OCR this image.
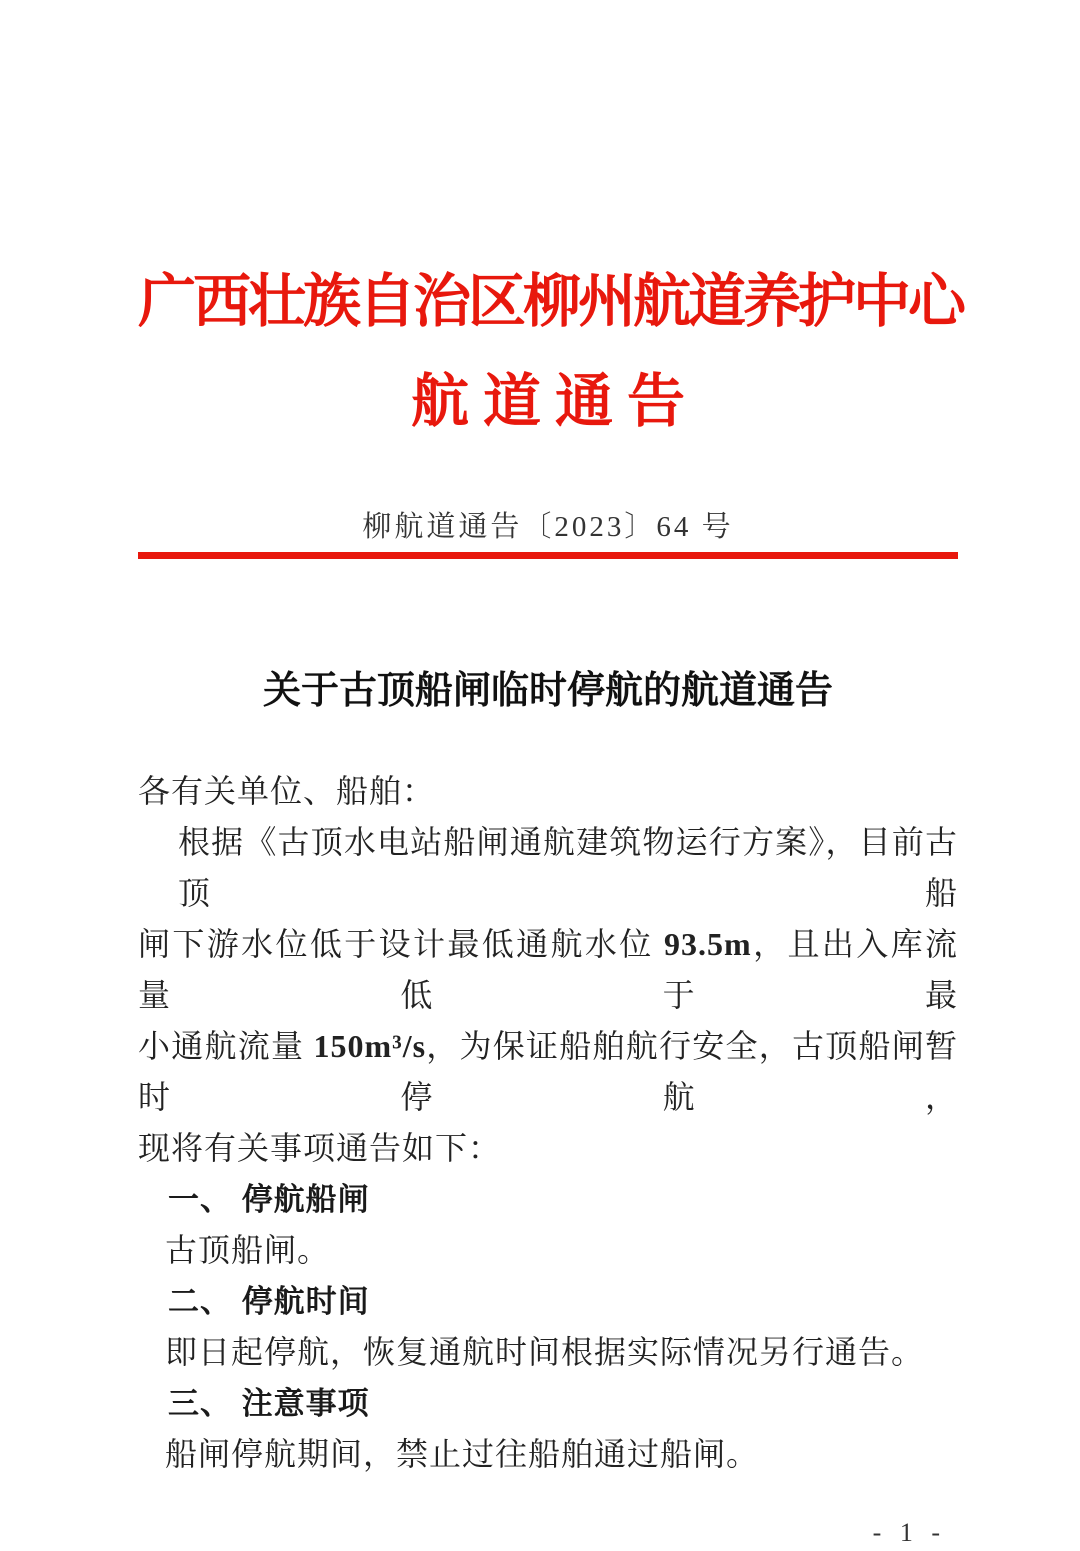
广西壮族自治区柳州航道养护中心
航道通告
柳航道通告〔2023〕64 号
关于古顶船闸临时停航的航道通告

各有关单位、船舶：

根据《古顶水电站船闸通航建筑物运行方案》，目前古顶船

闸下游水位低于设计最低通航水位 93.5m，且出入库流量低于最

小通航流量 150m³/s，为保证船舶航行安全，古顶船闸暂时停航，

现将有关事项通告如下：

一、 停航船闸

古顶船闸。

二、 停航时间

即日起停航，恢复通航时间根据实际情况另行通告。

三、 注意事项

船闸停航期间，禁止过往船舶通过船闸。

- 1 -
